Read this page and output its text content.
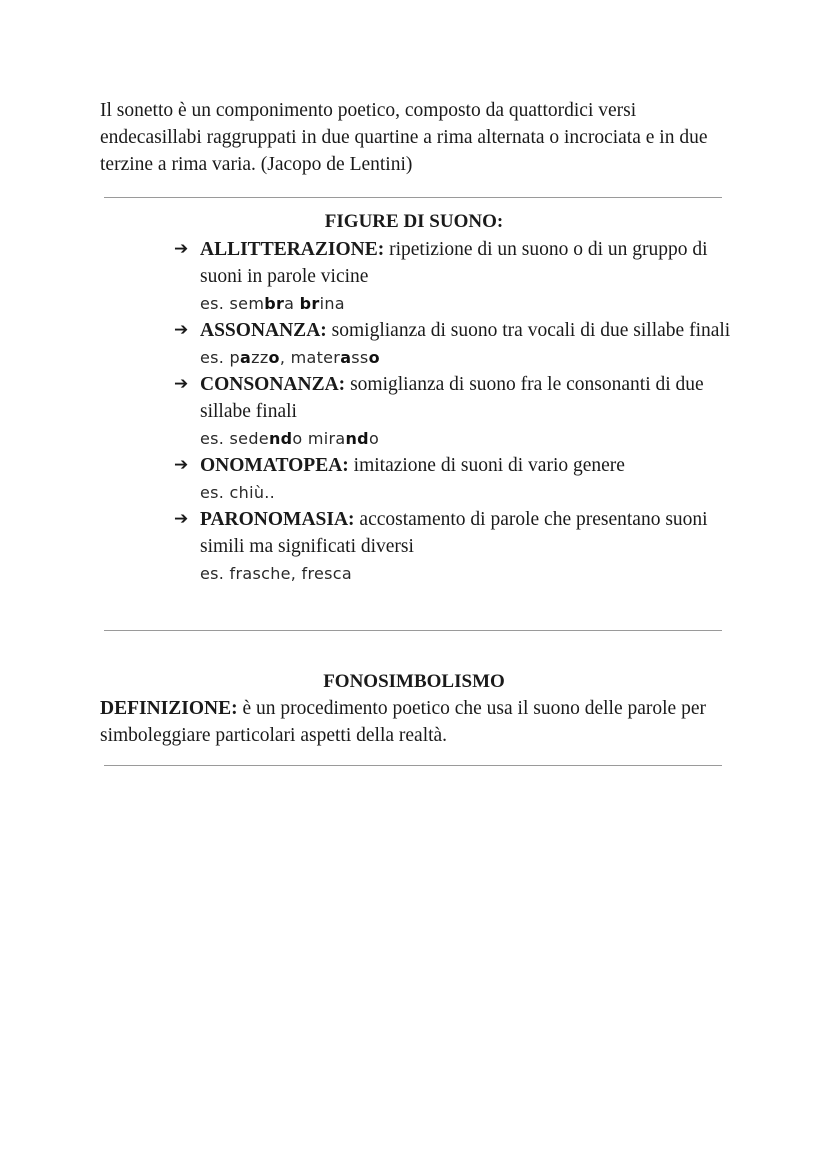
Il sonetto è un componimento poetico, composto da quattordici versi endecasillabi raggruppati in due quartine a rima alternata o incrociata e in due terzine a rima varia. (Jacopo de Lentini)

FIGURE DI SUONO:
➔ ALLITTERAZIONE: ripetizione di un suono o di un gruppo di suoni in parole vicine
es. sembra brina
➔ ASSONANZA: somiglianza di suono tra vocali di due sillabe finali
es. pazzo, materasso
➔ CONSONANZA: somiglianza di suono fra le consonanti di due sillabe finali
es. sedendo mirando
➔ ONOMATOPEA: imitazione di suoni di vario genere
es. chiù..
➔ PARONOMASIA: accostamento di parole che presentano suoni simili ma significati diversi
es. frasche, fresca
FONOSIMBOLISMO

DEFINIZIONE: è un procedimento poetico che usa il suono delle parole per simboleggiare particolari aspetti della realtà.
